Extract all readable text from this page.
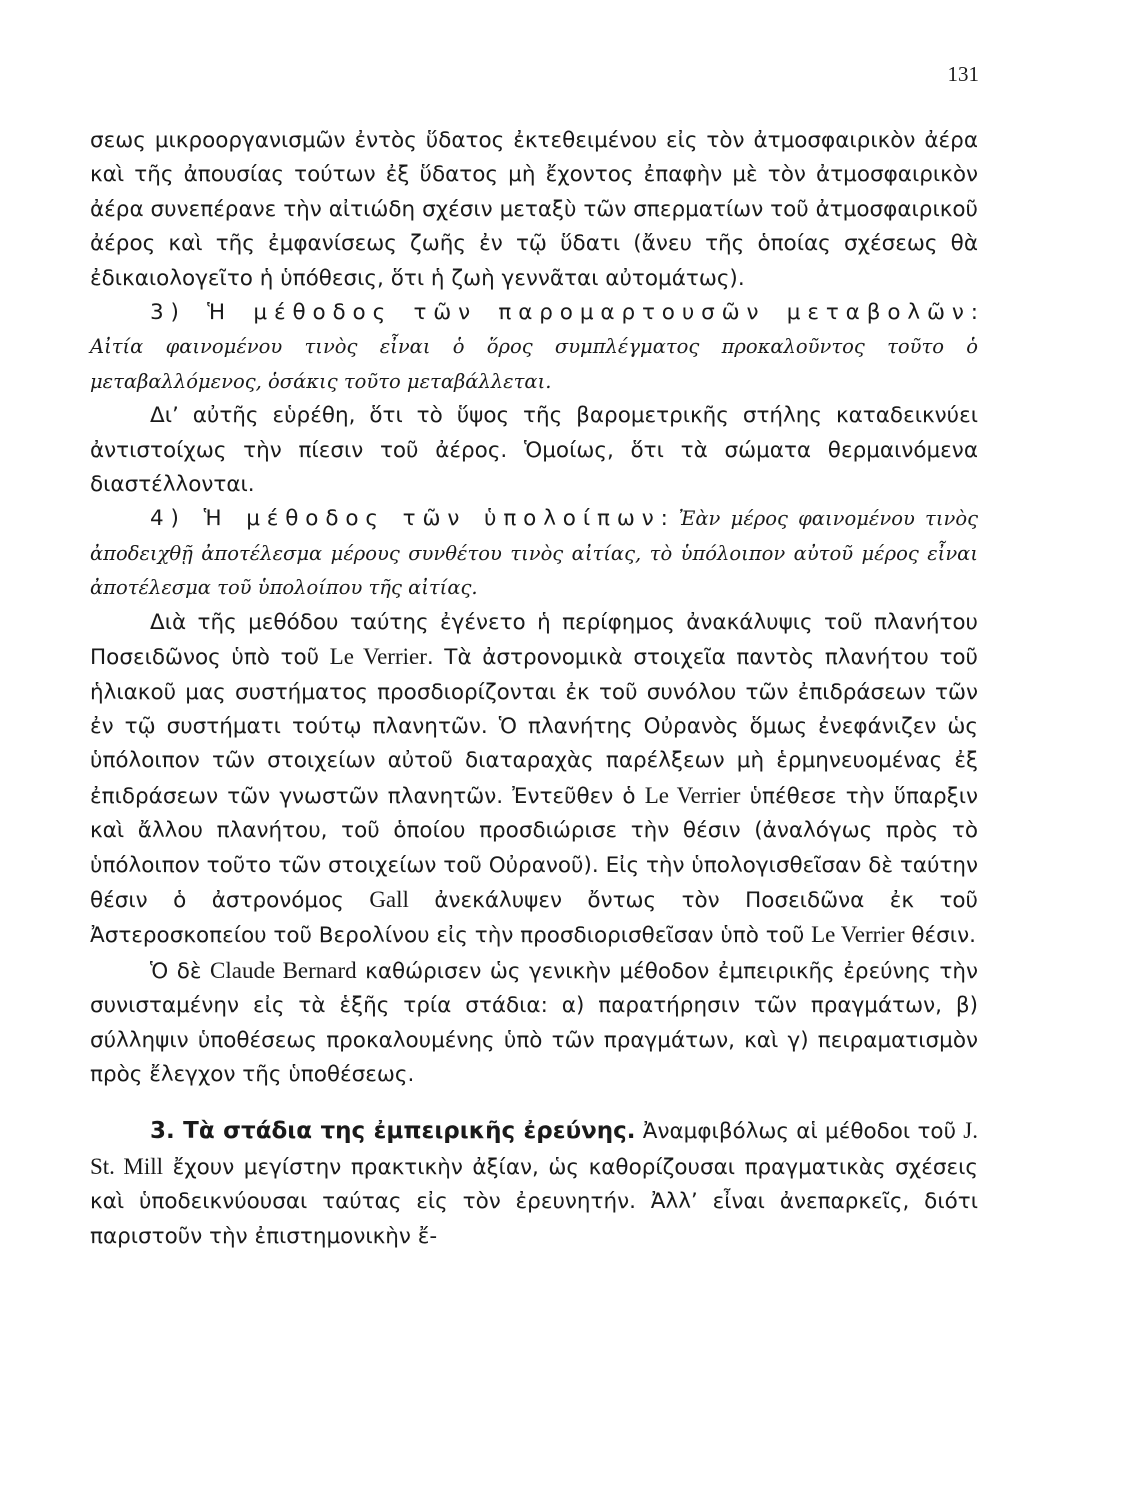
131

σεως μικροοργανισμῶν ἐντὸς ὕδατος ἐκτεθειμένου εἰς τὸν ἀτμοσφαιρικὸν ἀέρα καὶ τῆς ἀπουσίας τούτων ἐξ ὕδατος μὴ ἔχοντος ἐπαφὴν μὲ τὸν ἀτμοσφαιρικὸν ἀέρα συνεπέρανε τὴν αἰτιώδη σχέσιν μεταξὺ τῶν σπερματίων τοῦ ἀτμοσφαιρικοῦ ἀέρος καὶ τῆς ἐμφανίσεως ζωῆς ἐν τῷ ὕδατι (ἄνευ τῆς ὁποίας σχέσεως θὰ ἐδικαιολογεῖτο ἡ ὑπόθεσις, ὅτι ἡ ζωὴ γεννᾶται αὐτομάτως).

3) Ἡ μέθοδος τῶν παρομαρτουσῶν μεταβολῶν: Αἰτία φαινομένου τινὸς εἶναι ὁ ὅρος συμπλέγματος προκαλοῦντος τοῦτο ὁ μεταβαλλόμενος, ὁσάκις τοῦτο μεταβάλλεται.

Δι’ αὐτῆς εὑρέθη, ὅτι τὸ ὕψος τῆς βαρομετρικῆς στήλης καταδεικνύει ἀντιστοίχως τὴν πίεσιν τοῦ ἀέρος. Ὁμοίως, ὅτι τὰ σώματα θερμαινόμενα διαστέλλονται.

4) Ἡ μέθοδος τῶν ὑπολοίπων: Ἐὰν μέρος φαινομένου τινὸς ἀποδειχθῇ ἀποτέλεσμα μέρους συνθέτου τινὸς αἰτίας, τὸ ὑπόλοιπον αὐτοῦ μέρος εἶναι ἀποτέλεσμα τοῦ ὑπολοίπου τῆς αἰτίας.

Διὰ τῆς μεθόδου ταύτης ἐγένετο ἡ περίφημος ἀνακάλυψις τοῦ πλανήτου Ποσειδῶνος ὑπὸ τοῦ Le Verrier. Τὰ ἀστρονομικὰ στοιχεῖα παντὸς πλανήτου τοῦ ἡλιακοῦ μας συστήματος προσδιορίζονται ἐκ τοῦ συνόλου τῶν ἐπιδράσεων τῶν ἐν τῷ συστήματι τούτῳ πλανητῶν. Ὁ πλανήτης Οὐρανὸς ὅμως ἐνεφάνιζεν ὡς ὑπόλοιπον τῶν στοιχείων αὐτοῦ διαταραχὰς παρέλξεων μὴ ἑρμηνευομένας ἐξ ἐπιδράσεων τῶν γνωστῶν πλανητῶν. Ἐντεῦθεν ὁ Le Verrier ὑπέθεσε τὴν ὕπαρξιν καὶ ἄλλου πλανήτου, τοῦ ὁποίου προσδιώρισε τὴν θέσιν (ἀναλόγως πρὸς τὸ ὑπόλοιπον τοῦτο τῶν στοιχείων τοῦ Οὐρανοῦ). Εἰς τὴν ὑπολογισθεῖσαν δὲ ταύτην θέσιν ὁ ἀστρονόμος Gall ἀνεκάλυψεν ὄντως τὸν Ποσειδῶνα ἐκ τοῦ Ἀστεροσκοπείου τοῦ Βερολίνου εἰς τὴν προσδιορισθεῖσαν ὑπὸ τοῦ Le Verrier θέσιν.

Ὁ δὲ Claude Bernard καθώρισεν ὡς γενικὴν μέθοδον ἐμπειρικῆς ἐρεύνης τὴν συνισταμένην εἰς τὰ ἑξῆς τρία στάδια: α) παρατήρησιν τῶν πραγμάτων, β) σύλληψιν ὑποθέσεως προκαλουμένης ὑπὸ τῶν πραγμάτων, καὶ γ) πειραματισμὸν πρὸς ἔλεγχον τῆς ὑποθέσεως.

3. Τὰ στάδια της ἐμπειρικῆς ἐρεύνης. Ἀναμφιβόλως αἱ μέθοδοι τοῦ J. St. Mill ἔχουν μεγίστην πρακτικὴν ἀξίαν, ὡς καθορίζουσαι πραγματικὰς σχέσεις καὶ ὑποδεικνύουσαι ταύτας εἰς τὸν ἐρευνητήν. Ἀλλ’ εἶναι ἀνεπαρκεῖς, διότι παριστοῦν τὴν ἐπιστημονικὴν ἔ-
